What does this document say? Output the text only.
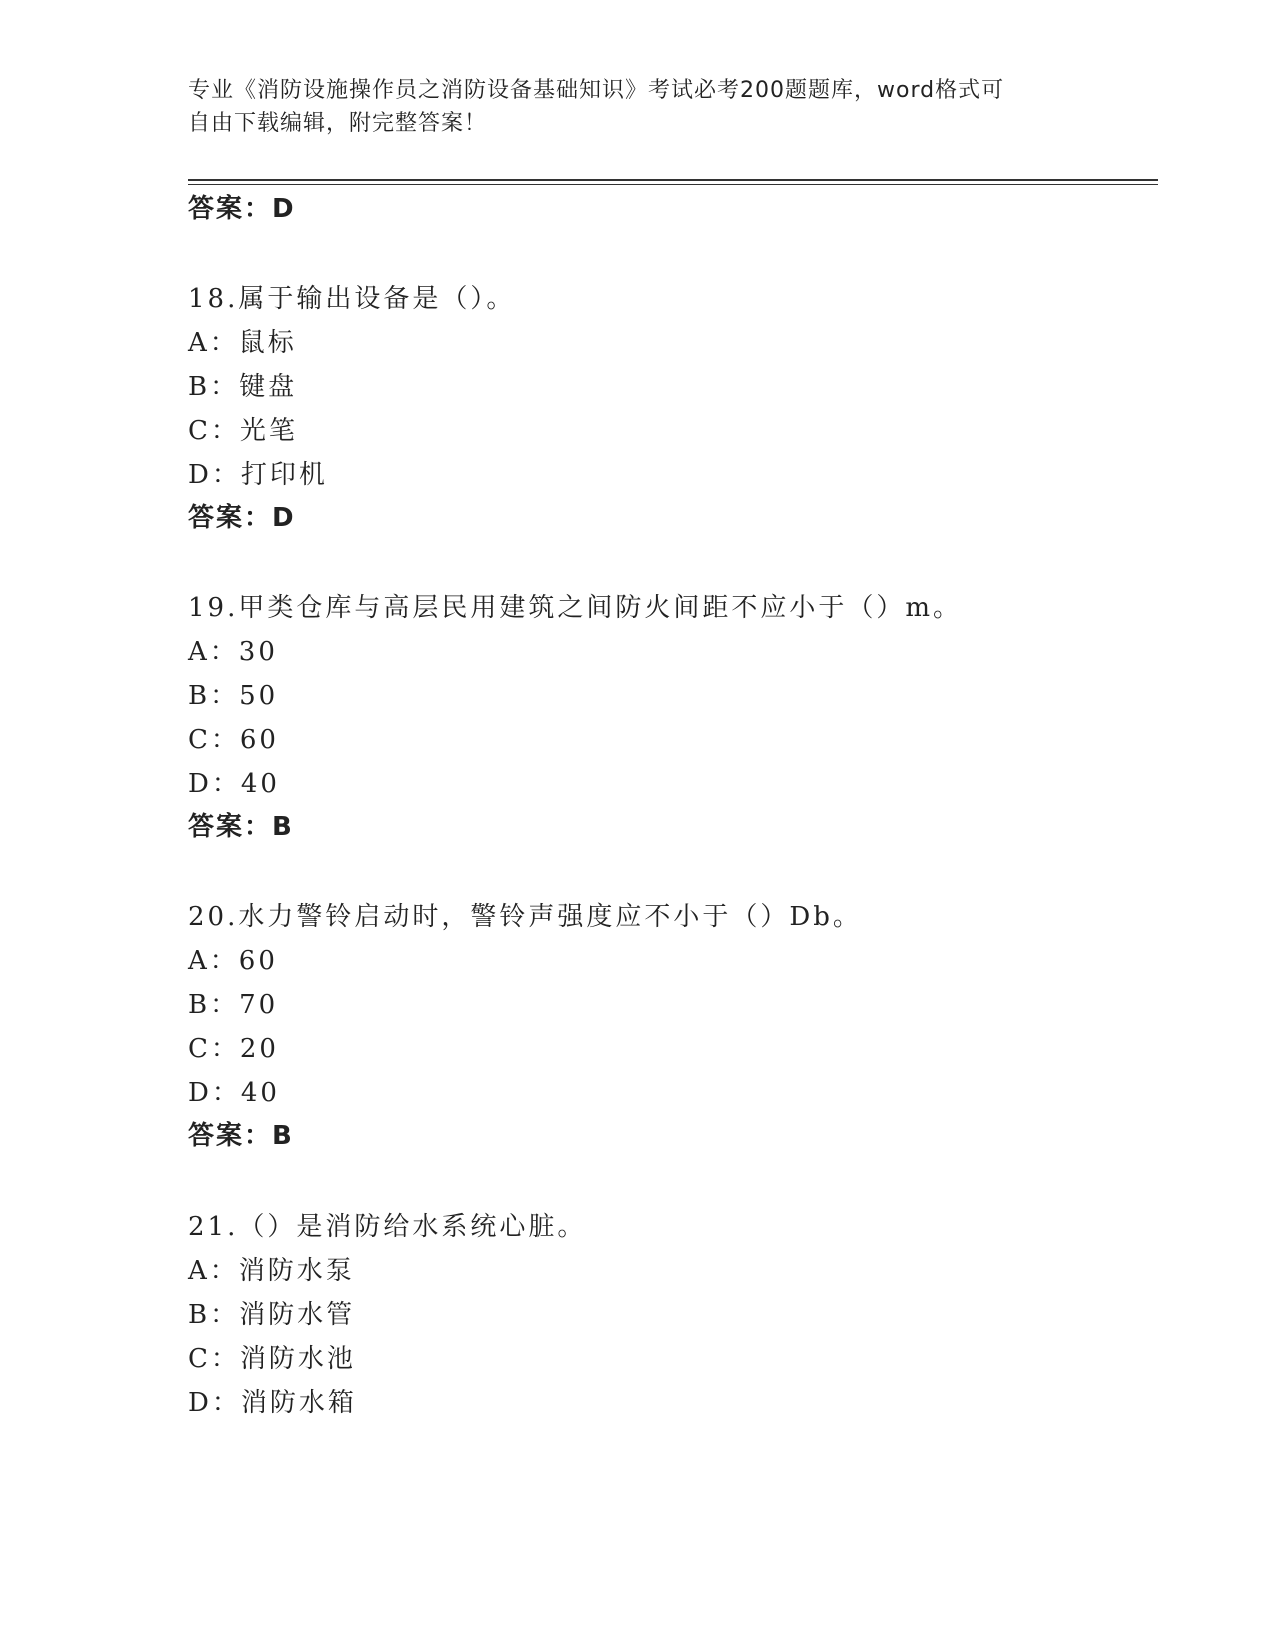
专业《消防设施操作员之消防设备基础知识》考试必考200题题库，word格式可
自由下载编辑，附完整答案！
答案：D
18.属于输出设备是（）。
A：鼠标
B：键盘
C：光笔
D：打印机
答案：D
19.甲类仓库与高层民用建筑之间防火间距不应小于（）m。
A：30
B：50
C：60
D：40
答案：B
20.水力警铃启动时，警铃声强度应不小于（）Db。
A：60
B：70
C：20
D：40
答案：B
21.（）是消防给水系统心脏。
A：消防水泵
B：消防水管
C：消防水池
D：消防水箱
